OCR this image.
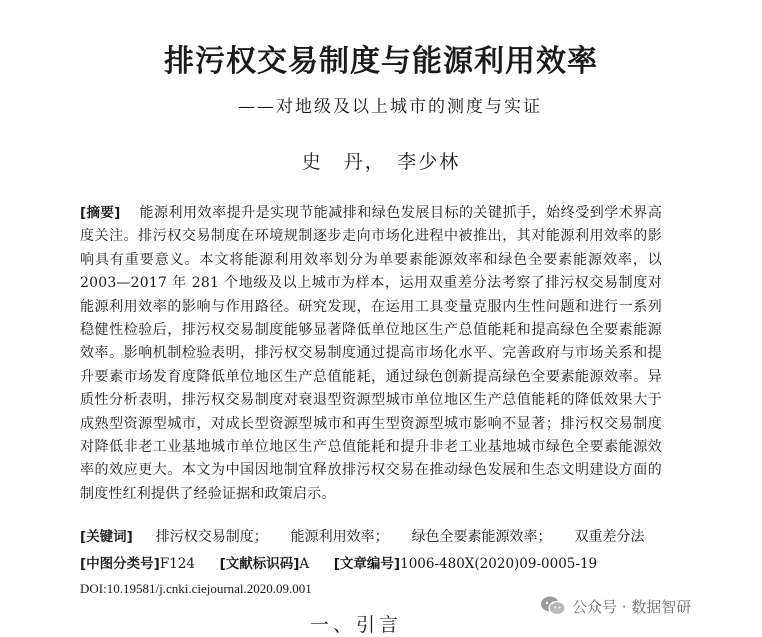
排污权交易制度与能源利用效率
——对地级及以上城市的测度与实证
史　丹，　李少林
[摘要] 能源利用效率提升是实现节能减排和绿色发展目标的关键抓手，始终受到学术界高度关注。排污权交易制度在环境规制逐步走向市场化进程中被推出，其对能源利用效率的影响具有重要意义。本文将能源利用效率划分为单要素能源效率和绿色全要素能源效率，以 2003—2017 年 281 个地级及以上城市为样本，运用双重差分法考察了排污权交易制度对能源利用效率的影响与作用路径。研究发现，在运用工具变量克服内生性问题和进行一系列稳健性检验后，排污权交易制度能够显著降低单位地区生产总值能耗和提高绿色全要素能源效率。影响机制检验表明，排污权交易制度通过提高市场化水平、完善政府与市场关系和提升要素市场发育度降低单位地区生产总值能耗，通过绿色创新提高绿色全要素能源效率。异质性分析表明，排污权交易制度对衰退型资源型城市单位地区生产总值能耗的降低效果大于成熟型资源型城市，对成长型资源型城市和再生型资源型城市影响不显著；排污权交易制度对降低非老工业基地城市单位地区生产总值能耗和提升非老工业基地城市绿色全要素能源效率的效应更大。本文为中国因地制宜释放排污权交易在推动绿色发展和生态文明建设方面的制度性红利提供了经验证据和政策启示。
[关键词] 排污权交易制度； 能源利用效率； 绿色全要素能源效率； 双重差分法
[中图分类号]F124 [文献标识码]A [文章编号]1006-480X(2020)09-0005-19
DOI:10.19581/j.cnki.ciejournal.2020.09.001
一、引言
公众号 · 数据智研
